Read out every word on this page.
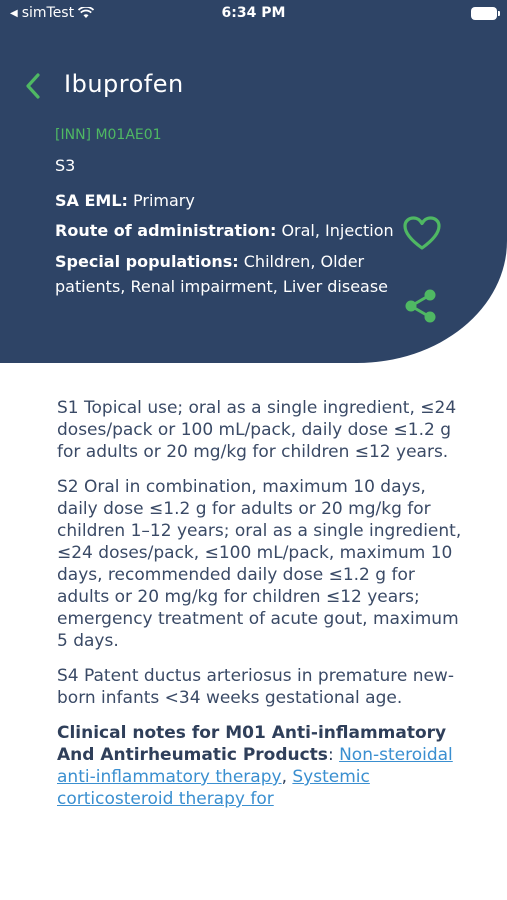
◀ simTest	6:34 PM
Ibuprofen
[INN] M01AE01
S3
SA EML: Primary
Route of administration: Oral, Injection
Special populations: Children, Older patients, Renal impairment, Liver disease

S1 Topical use; oral as a single ingredient, ≤24 doses/pack or 100 mL/pack, daily dose ≤1.2 g for adults or 20 mg/kg for children ≤12 years.

S2 Oral in combination, maximum 10 days, daily dose ≤1.2 g for adults or 20 mg/kg for children 1–12 years; oral as a single ingredient, ≤24 doses/pack, ≤100 mL/pack, maximum 10 days, recommended daily dose ≤1.2 g for adults or 20 mg/kg for children ≤12 years; emergency treatment of acute gout, maximum 5 days.

S4 Patent ductus arteriosus in premature new-born infants <34 weeks gestational age.

Clinical notes for M01 Anti-inflammatory And Antirheumatic Products: Non-steroidal anti-inflammatory therapy, Systemic corticosteroid therapy for
